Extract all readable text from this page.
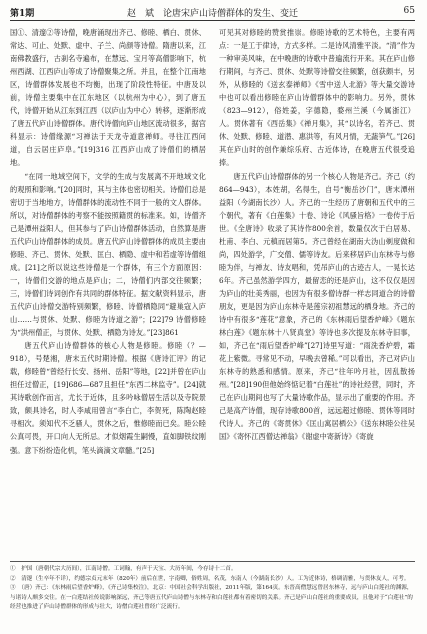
第1期	赵　斌　论唐宋庐山诗僧群体的发生、变迁	65

国①、清邃②等诗僧，晚唐涌现出齐己、修睦、栖白、贯休、常达、可止、处默、虚中、子兰、尚颜等诗僧。隋唐以来，江南佛教盛行，古刹名寺遍布，在慧远、宝月等高僧影响下，杭州西湖、江西庐山等成了诗僧聚集之所。并且，在整个江南地区，诗僧群体发展也不均衡，出现了阶段性特征。中唐及以前，诗僧主要集中在江东地区（以杭州为中心），到了唐五代，诗僧开始从江东到江西（以庐山为中心）转移，逐渐形成了唐五代庐山诗僧群体。唐代诗僧向庐山地区流动很多，据宫科显示：诗僧缘源“习禅法于天龙寺道意禅师。寻往江西问道，自云居庄庐阜。”[19]316 江西庐山成了诗僧们的栖居地。

“在同一地域空间下，文学的生成与发展离不开地域文化的观照和影响。”[20]同时，其与主体也密切相关。诗僧们总是密切于当地地方，诗僧群体的流动性不同于一般的文人群体。所以，对诗僧群体的考察不能按照籍贯的标准来。如，诗僧齐己是潭州益阳人，但其参与了庐山诗僧群体活动，自然算是唐五代庐山诗僧群体的成员。唐五代庐山诗僧群体的成员主要由修睦、齐己、贯休、处默、匡白、栖隐、虚中和若虚等诗僧组成。[21]之所以说这些诗僧是一个群体，有三个方面原因：一，诗僧们交游的地点是庐山；二，诗僧们内部交往频繁；三，诗僧们诗词创作有共同的群体特征。据文献资料显示，唐五代庐山诗僧交游特别频繁，修睦、诗僧栖隐同“避巢寇入庐山……与贯休、处默、修睦为诗道之游”；[22]79 诗僧修睦为“洪州僧正，与贯休、处默、栖隐为诗友。”[23]861

唐五代庐山诗僧群体的核心人物是修睦。修睦（？—918），号楚湘，唐末五代时期诗僧。根据《唐诗汇评》的记载，修睦曾“曾经行长安、扬州、岳阳”等地，[22]并曾在庐山担任过僧正，[19]686—687且担任“东西二林监寺”。[24]就其诗歌创作而言，尤长于近体，且多吟咏僧居生活以及寺院景致，颇具诗名，时人李咸用曾言“李白亡，李贺死，陈陶赵睦寻相次。须知代不乏骚人，贯休之后，惟修睦而已矣。睦公睦公真可畏，开口向人无所忌。才似烟霞生嗣慢，直如脚铁纹刚强。意下纷纷造化机，笔头滴滴文章髓。”[25]

可见其对修睦的赞赏推崇。修睦诗歌的艺术特色，主要有两点：一是工于律诗，方式多样。二是诗风清雅平淡。“清”作为一种审美风味，在中晚唐的诗歌中普遍流行开来。其在庐山修行期间，与齐己、贯休、处默等诗僧交往频繁，创获颇丰，另外，从修睦的《送玄泰禅师》《雪中送人北游》等大量交游诗中也可以看出修睦在庐山诗僧群体中的影响力。另外，贯休（823—912），俗姓姜，字德隐，婺州兰溪（今属浙江）人。贯休著有《西岳集》《禅月集》，其“以诗名，若齐己、贯休、处默、修睦、道潜、惠洪等，有风月情，无蔬笋气。”[26]其在庐山时的创作兼综乐府、古近体诗，在晚唐五代很受追捧。

唐五代庐山诗僧群体的另一个核心人物是齐己。齐己（约864—943），本姓胡，名得生，自号“衡岳沙门”，唐末潭州益阳（今湖南长沙）人。齐己的一生经历了唐朝和五代中的三个朝代，著有《白莲集》十卷、诗论《风骚旨格》一卷传于后世。《全唐诗》收录了其诗作800余首，数量仅次于白居易、杜甫、李白、元稹而居第5。齐己曾经在湖南大沩山剃度做和尚，四处游学，广交僧、儒等诗友。后来移居庐山东林寺与修睦为伴，与禅友、诗友唱和，凭吊庐山的古迹古人，一晃长达6年。齐己虽然游学四方，最留恋的还是庐山，这不仅仅是因为庐山的壮美秀丽，也因为有很多僧诗群一样志同道合的诗僧朋友，更是因为庐山东林寺是莲宗初祖慧远的栖身地。齐己的诗中有很多“莲花”意象，齐己的《东林雨后望香炉峰》《题东林白莲》《题东林十八贤真堂》等诗也多次提及东林寺旧事，如，齐己在“雨后望香炉峰”[27]诗里写道：“雨洗香炉碧，霜花上紫微。寻常见不动，早晚去曾稀。”可以看出，齐己对庐山东林寺的熟悉和感情。原来，齐己“往年吟月社，因乱散扬州。”[28]190但他始终惦记着“白莲社”的诗社经营，同时，齐己在庐山期间也写了大量诗歌作品，显示出了重要的作用。齐己是高产诗僧，现存诗歌800首，远远超过修睦、贯休等同时代诗人。齐己的《寄贯休》《匡山寓居栖公》《送东林睦公往吴国》《寄怀江西僧达禅翁》《谢虚中寄新诗》《寄旋

①　护国（唐朝代宗大历间），江南诗僧。工词翰，有声于天宝、大历年间，今存诗十二首。

②　清邃（生卒年不详），约德宗贞元末年（820年）前后在世，字南卿，俗姓周，名茂，东南人（今湖南长沙）人。工为近体诗，格调清雅，与贯休友人，可考。

③　（唐）齐己：《东林雨后望香炉峰》，《齐己诗集校注》，北京：中国社会科学出版社，2011年版，第164页。东晋高僧慧远曾居东林寺，远与庐山白莲社的渊源，与诸诗人颇多交往。在一白莲结社传说影响深远，齐己等唐五代庐山诗僧与东林寺和白莲社都有着密切的关系。齐己是庐山白莲社的重要成员，且他对于“白莲社”的经营也推进了庐山诗僧群体的形成与壮大，诗僧白莲社曾经广泛流行。
